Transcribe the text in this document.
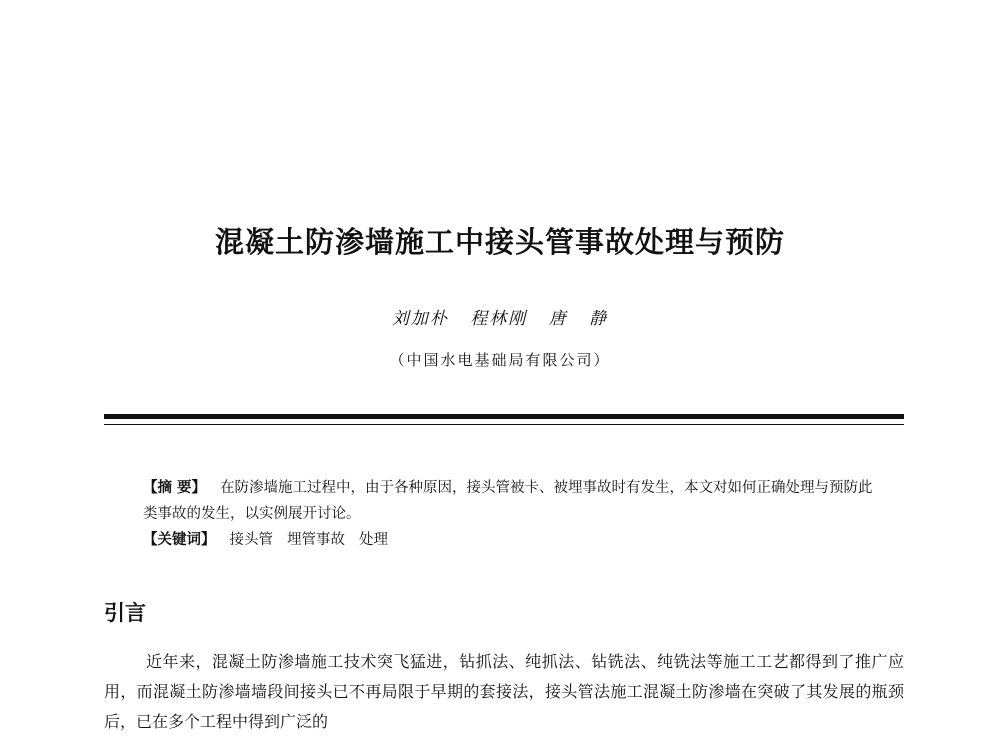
混凝土防渗墙施工中接头管事故处理与预防
刘加朴 程林刚 唐 静
（中国水电基础局有限公司）

【摘 要】 在防渗墙施工过程中，由于各种原因，接头管被卡、被埋事故时有发生，本文对如何正确处理与预防此类事故的发生，以实例展开讨论。

【关键词】 接头管 埋管事故 处理

引言

近年来，混凝土防渗墙施工技术突飞猛进，钻抓法、纯抓法、钻铣法、纯铣法等施工工艺都得到了推广应用，而混凝土防渗墙墙段间接头已不再局限于早期的套接法，接头管法施工混凝土防渗墙在突破了其发展的瓶颈后，已在多个工程中得到广泛的
